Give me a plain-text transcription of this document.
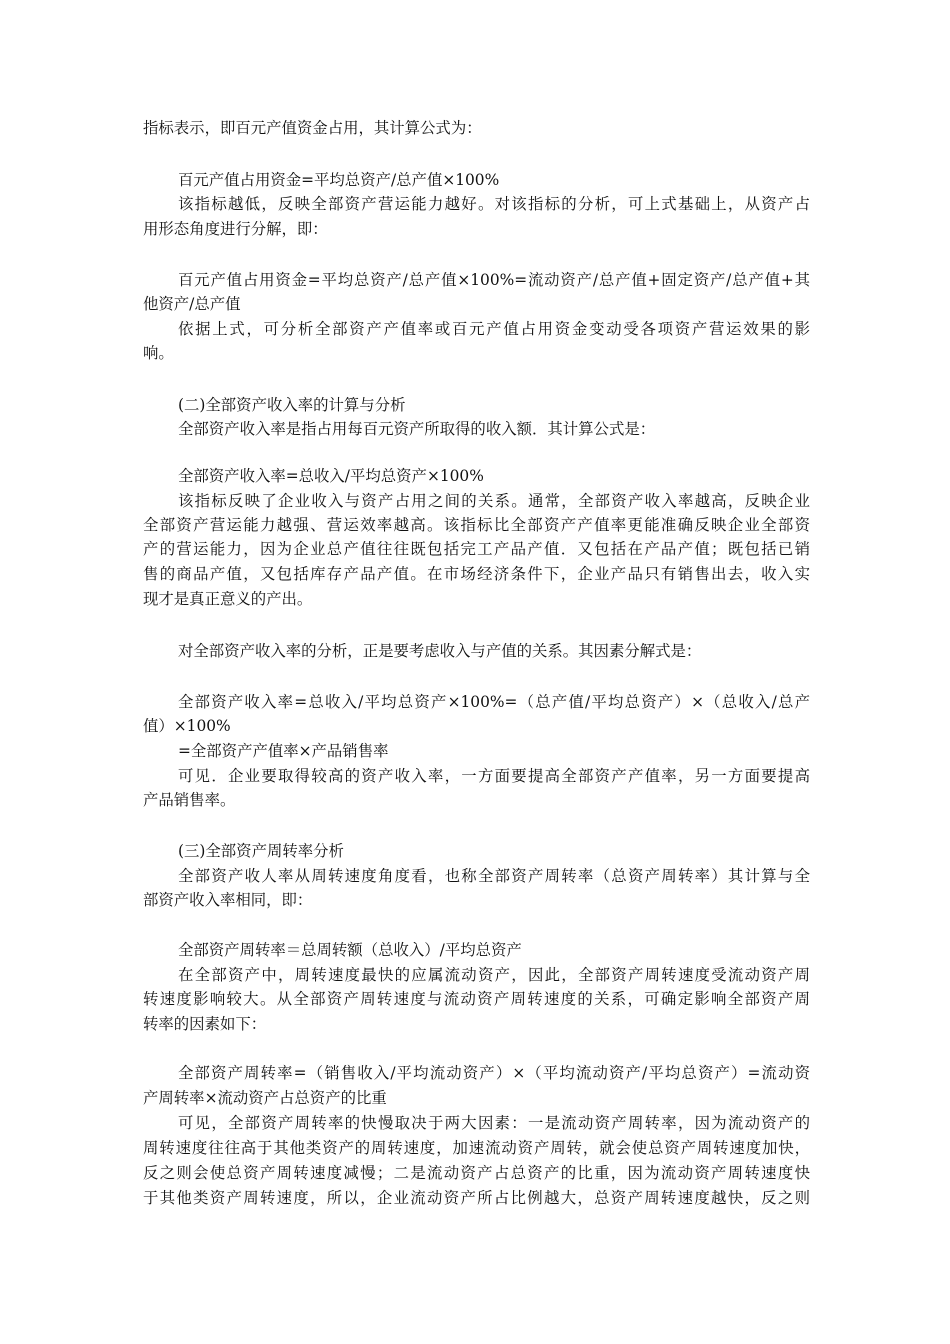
指标表示，即百元产值资金占用，其计算公式为：
百元产值占用资金=平均总资产/总产值×100%
该指标越低，反映全部资产营运能力越好。对该指标的分析，可上式基础上，从资产占
用形态角度进行分解，即：
百元产值占用资金=平均总资产/总产值×100%=流动资产/总产值+固定资产/总产值+其
他资产/总产值
依据上式，可分析全部资产产值率或百元产值占用资金变动受各项资产营运效果的影
响。
(二)全部资产收入率的计算与分析
全部资产收入率是指占用每百元资产所取得的收入额．其计算公式是：
全部资产收入率=总收入/平均总资产×100%
该指标反映了企业收入与资产占用之间的关系。通常，全部资产收入率越高，反映企业
全部资产营运能力越强、营运效率越高。该指标比全部资产产值率更能准确反映企业全部资
产的营运能力，因为企业总产值往往既包括完工产品产值．又包括在产品产值；既包括已销
售的商品产值，又包括库存产品产值。在市场经济条件下，企业产品只有销售出去，收入实
现才是真正意义的产出。
对全部资产收入率的分析，正是要考虑收入与产值的关系。其因素分解式是：
全部资产收入率=总收入/平均总资产×100%=（总产值/平均总资产）×（总收入/总产
值）×100%
=全部资产产值率×产品销售率
可见．企业要取得较高的资产收入率，一方面要提高全部资产产值率，另一方面要提高
产品销售率。
(三)全部资产周转率分析
全部资产收人率从周转速度角度看，也称全部资产周转率（总资产周转率）其计算与全
部资产收入率相同，即：
全部资产周转率＝总周转额（总收入）/平均总资产
在全部资产中，周转速度最快的应属流动资产，因此，全部资产周转速度受流动资产周
转速度影响较大。从全部资产周转速度与流动资产周转速度的关系，可确定影响全部资产周
转率的因素如下：
全部资产周转率=（销售收入/平均流动资产）×（平均流动资产/平均总资产）=流动资
产周转率×流动资产占总资产的比重
可见，全部资产周转率的快慢取决于两大因素：一是流动资产周转率，因为流动资产的
周转速度往往高于其他类资产的周转速度，加速流动资产周转，就会使总资产周转速度加快，
反之则会使总资产周转速度减慢；二是流动资产占总资产的比重，因为流动资产周转速度快
于其他类资产周转速度，所以，企业流动资产所占比例越大，总资产周转速度越快，反之则
